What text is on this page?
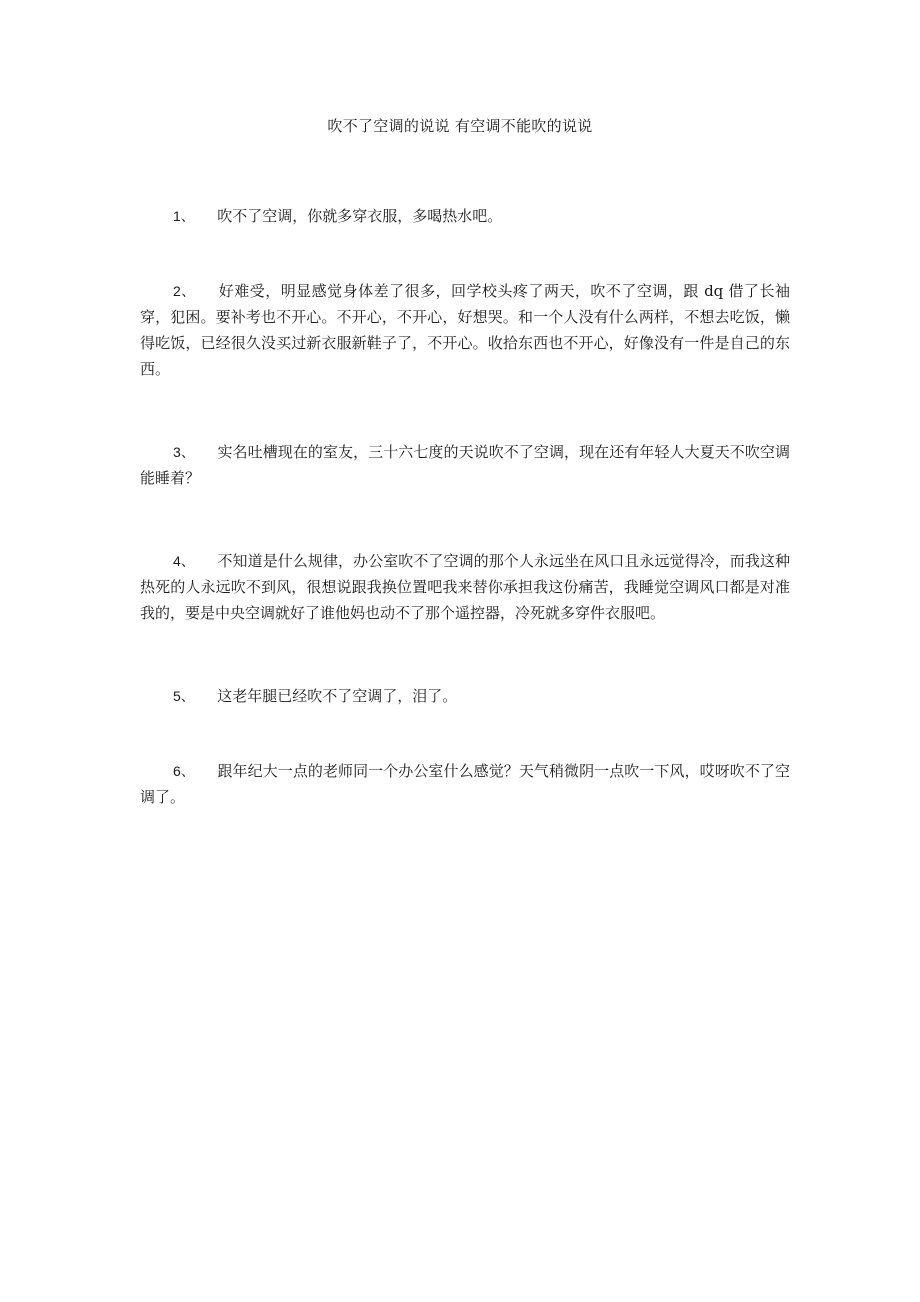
吹不了空调的说说 有空调不能吹的说说

1、 吹不了空调，你就多穿衣服，多喝热水吧。

2、 好难受，明显感觉身体差了很多，回学校头疼了两天，吹不了空调，跟 dq 借了长袖穿，犯困。要补考也不开心。不开心，不开心，好想哭。和一个人没有什么两样，不想去吃饭，懒得吃饭，已经很久没买过新衣服新鞋子了，不开心。收拾东西也不开心，好像没有一件是自己的东西。

3、 实名吐槽现在的室友，三十六七度的天说吹不了空调，现在还有年轻人大夏天不吹空调能睡着？

4、 不知道是什么规律，办公室吹不了空调的那个人永远坐在风口且永远觉得冷，而我这种热死的人永远吹不到风，很想说跟我换位置吧我来替你承担我这份痛苦，我睡觉空调风口都是对准我的，要是中央空调就好了谁他妈也动不了那个遥控器，冷死就多穿件衣服吧。

5、 这老年腿已经吹不了空调了，泪了。

6、 跟年纪大一点的老师同一个办公室什么感觉？天气稍微阴一点吹一下风，哎呀吹不了空调了。
